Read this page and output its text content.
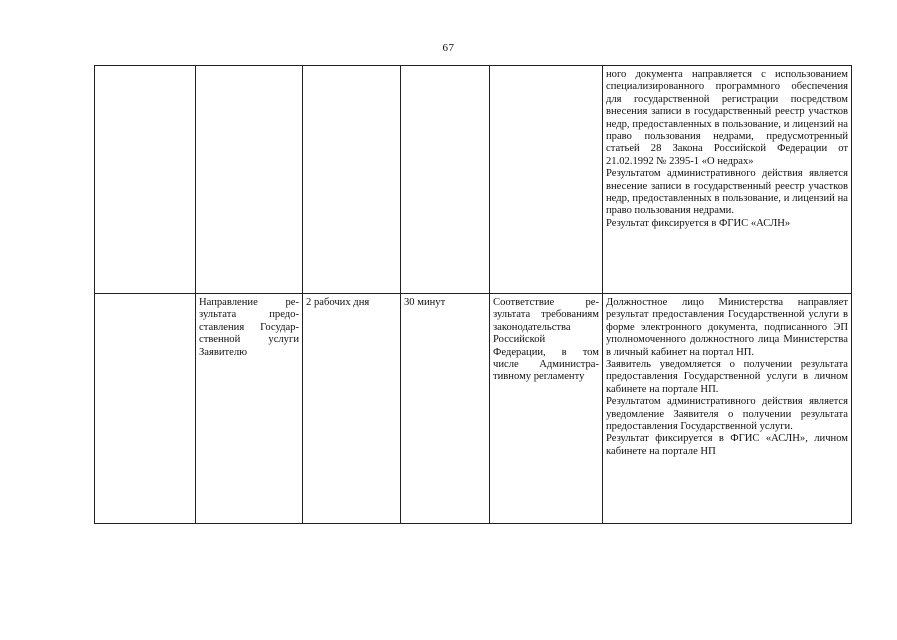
67

					ного документа направляется с использованием специализированного программного обеспечения для государственной регистрации посредством внесения записи в государственный реестр участков недр, предоставленных в пользование, и лицензий на право пользования недрами, предусмотренный статьей 28 Закона Российской Федерации от 21.02.1992 № 2395-1 «О недрах»

Результатом административного действия является внесение записи в государственный реестр участков недр, предоставленных в пользование, и лицензий на право пользования недрами.

Результат фиксируется в ФГИС «АСЛН»

	Направление результата предоставления Государственной услуги Заявителю	2 рабочих дня	30 минут	Соответствие результата требованиям законодательства Российской Федерации, в том числе Административному регламенту	Должностное лицо Министерства направляет результат предоставления Государственной услуги в форме электронного документа, подписанного ЭП уполномоченного должностного лица Министерства в личный кабинет на портал НП.

Заявитель уведомляется о получении результата предоставления Государственной услуги в личном кабинете на портале НП.

Результатом административного действия является уведомление Заявителя о получении результата предоставления Государственной услуги.

Результат фиксируется в ФГИС «АСЛН», личном кабинете на портале НП
